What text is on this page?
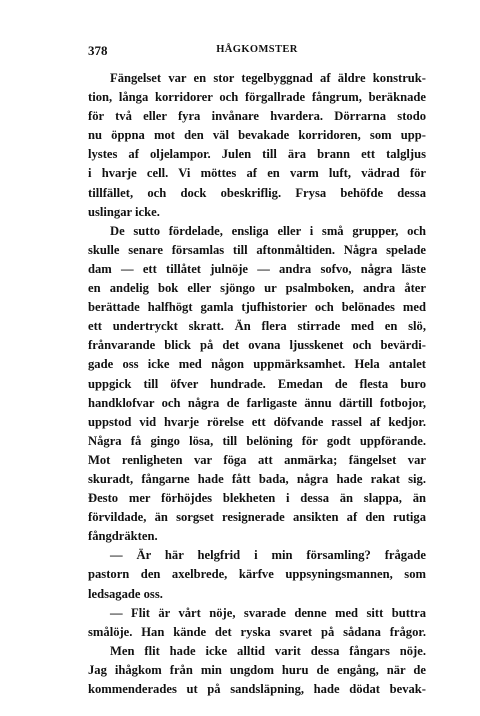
378	HÅGKOMSTER
Fängelset var en stor tegelbyggnad af äldre konstruk-
tion, långa korridorer och förgallrade fångrum, beräknade
för två eller fyra invånare hvardera. Dörrarna stodo
nu öppna mot den väl bevakade korridoren, som upp-
lystes af oljelampor. Julen till ära brann ett talgljus
i hvarje cell. Vi möttes af en varm luft, vädrad för
tillfället, och dock obeskriflig. Frysa behöfde dessa
uslingar icke.
De sutto fördelade, ensliga eller i små grupper, och
skulle senare församlas till aftonmåltiden. Några spelade
dam — ett tillåtet julnöje — andra sofvo, några läste
en andelig bok eller sjöngo ur psalmboken, andra åter
berättade halfhögt gamla tjufhistorier och belönades med
ett undertryckt skratt. Än flera stirrade med en slö,
frånvarande blick på det ovana ljusskenet och bevärdi-
gade oss icke med någon uppmärksamhet. Hela antalet
uppgick till öfver hundrade. Emedan de flesta buro
handklofvar och några de farligaste ännu därtill fotbojor,
uppstod vid hvarje rörelse ett döfvande rassel af kedjor.
Några få gingo lösa, till belöning för godt uppförande.
Mot renligheten var föga att anmärka; fängelset var
skuradt, fångarne hade fått bada, några hade rakat sig.
Ðesto mer förhöjdes blekheten i dessa än slappa, än
förvildade, än sorgset resignerade ansikten af den rutiga
fångdräkten.
— Är här helgfrid i min församling? frågade
pastorn den axelbrede, kärfve uppsyningsmannen, som
ledsagade oss.
— Flit är vårt nöje, svarade denne med sitt buttra
smålöje. Han kände det ryska svaret på sådana frågor.
Men flit hade icke alltid varit dessa fångars nöje.
Jag ihågkom från min ungdom huru de engång, när de
kommenderades ut på sandsläpning, hade dödat bevak-
